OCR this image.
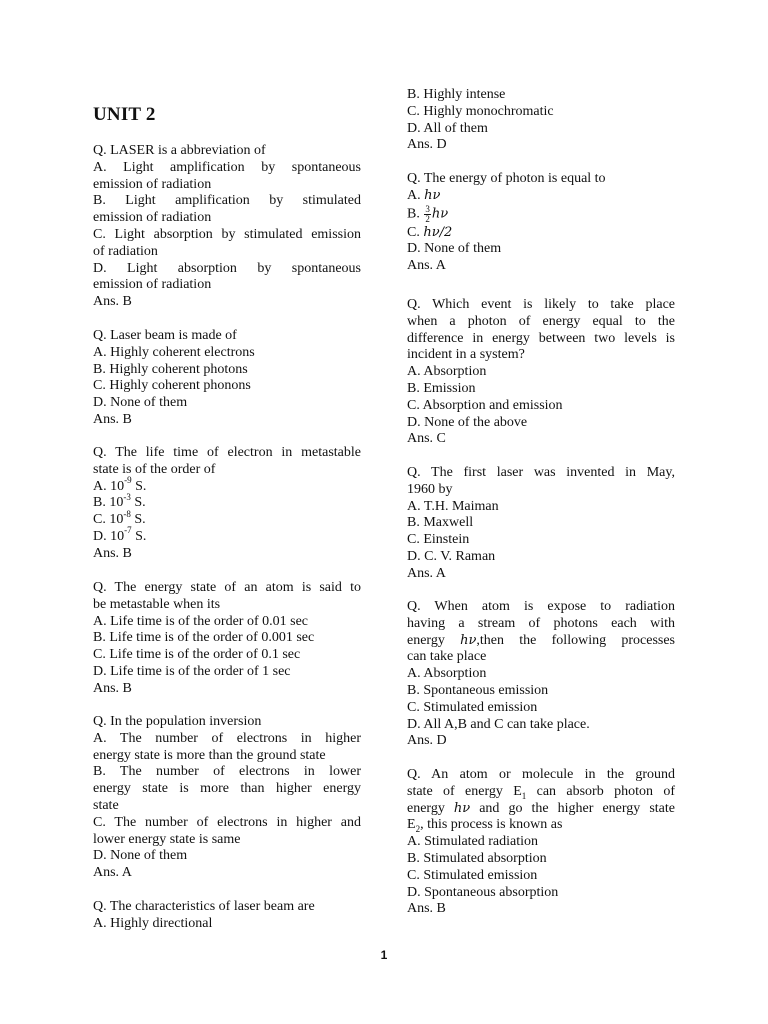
UNIT 2
Q. LASER is a abbreviation of
A. Light amplification by spontaneous
emission of radiation
B. Light amplification by stimulated
emission of radiation
C. Light absorption by stimulated emission
of radiation
D. Light absorption by spontaneous
emission of radiation
Ans. B
Q. Laser beam is made of
A. Highly coherent electrons
B. Highly coherent photons
C. Highly coherent phonons
D. None of them
Ans. B
Q. The life time of electron in metastable
state is of the order of
A. $10^{-9}$ S.
B. $10^{-3}$ S.
C. $10^{-8}$ S.
D. $10^{-7}$ S.
Ans. B
Q. The energy state of an atom is said to
be metastable when its
A. Life time is of the order of 0.01 sec
B. Life time is of the order of 0.001 sec
C. Life time is of the order of 0.1 sec
D. Life time is of the order of 1 sec
Ans. B
Q. In the population inversion
A. The number of electrons in higher
energy state is more than the ground state
B. The number of electrons in lower
energy state is more than higher energy
state
C. The number of electrons in higher and
lower energy state is same
D. None of them
Ans. A
Q. The characteristics of laser beam are
A. Highly directional
B. Highly intense
C. Highly monochromatic
D. All of them
Ans. D
Q. The energy of photon is equal to
A. hν
B. $\frac{3}{2}$ hν
C. hν/2
D. None of them
Ans. A
Q. Which event is likely to take place
when a photon of energy equal to the
difference in energy between two levels is
incident in a system?
A. Absorption
B. Emission
C. Absorption and emission
D. None of the above
Ans. C
Q. The first laser was invented in May,
1960 by
A. T.H. Maiman
B. Maxwell
C. Einstein
D. C. V. Raman
Ans. A
Q. When atom is expose to radiation
having a stream of photons each with
energy hν,then the following processes
can take place
A. Absorption
B. Spontaneous emission
C. Stimulated emission
D. All A,B and C can take place.
Ans. D
Q. An atom or molecule in the ground
state of energy $E_1$ can absorb photon of
energy hν and go the higher energy state
$E_2$, this process is known as
A. Stimulated radiation
B. Stimulated absorption
C. Stimulated emission
D. Spontaneous absorption
Ans. B
1
